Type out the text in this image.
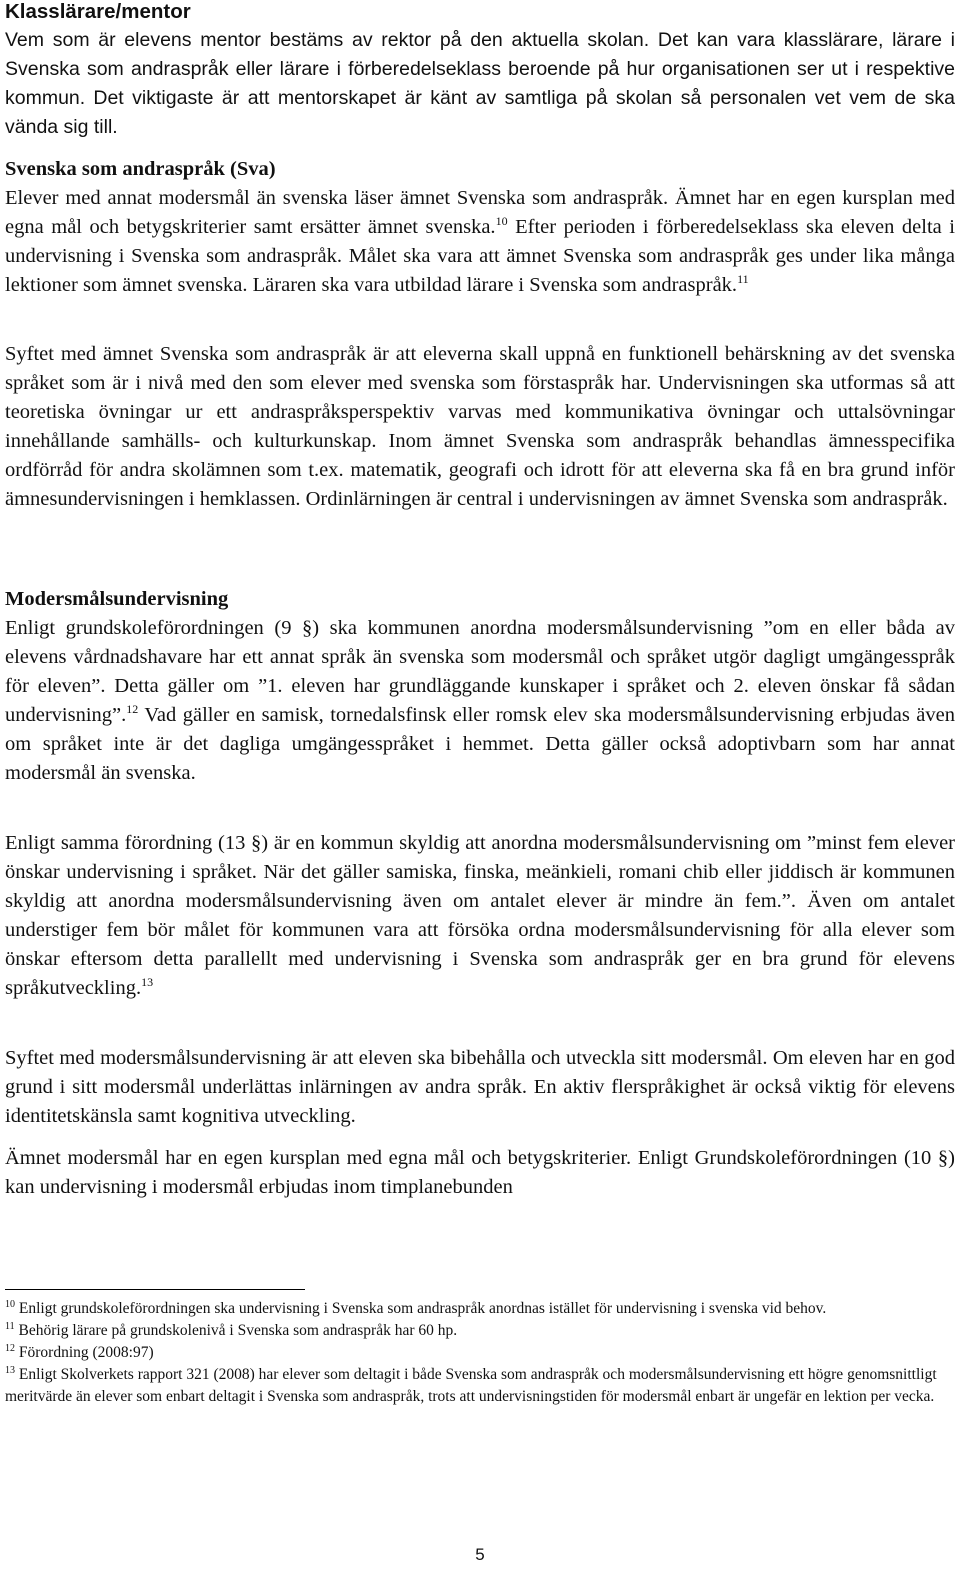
Klasslärare/mentor

Vem som är elevens mentor bestäms av rektor på den aktuella skolan. Det kan vara klasslärare, lärare i Svenska som andraspråk eller lärare i förberedelseklass beroende på hur organisationen ser ut i respektive kommun. Det viktigaste är att mentorskapet är känt av samtliga på skolan så personalen vet vem de ska vända sig till.

Svenska som andraspråk (Sva)
Elever med annat modersmål än svenska läser ämnet Svenska som andraspråk. Ämnet har en egen kursplan med egna mål och betygskriterier samt ersätter ämnet svenska.$^{10}$ Efter perioden i förberedelseklass ska eleven delta i undervisning i Svenska som andraspråk. Målet ska vara att ämnet Svenska som andraspråk ges under lika många lektioner som ämnet svenska. Läraren ska vara utbildad lärare i Svenska som andraspråk.$^{11}$

Syftet med ämnet Svenska som andraspråk är att eleverna skall uppnå en funktionell behärskning av det svenska språket som är i nivå med den som elever med svenska som förstaspråk har. Undervisningen ska utformas så att teoretiska övningar ur ett andraspråksperspektiv varvas med kommunikativa övningar och uttalsövningar innehållande samhälls- och kulturkunskap. Inom ämnet Svenska som andraspråk behandlas ämnesspecifika ordförråd för andra skolämnen som t.ex. matematik, geografi och idrott för att eleverna ska få en bra grund inför ämnesundervisningen i hemklassen. Ordinlärningen är central i undervisningen av ämnet Svenska som andraspråk.

Modersmålsundervisning
Enligt grundskoleförordningen (9 §) ska kommunen anordna modersmålsundervisning ”om en eller båda av elevens vårdnadshavare har ett annat språk än svenska som modersmål och språket utgör dagligt umgängesspråk för eleven”. Detta gäller om ”1. eleven har grundläggande kunskaper i språket och 2. eleven önskar få sådan undervisning”.$^{12}$ Vad gäller en samisk, tornedalsfinsk eller romsk elev ska modersmålsundervisning erbjudas även om språket inte är det dagliga umgängesspråket i hemmet. Detta gäller också adoptivbarn som har annat modersmål än svenska.

Enligt samma förordning (13 §) är en kommun skyldig att anordna modersmålsundervisning om ”minst fem elever önskar undervisning i språket. När det gäller samiska, finska, meänkieli, romani chib eller jiddisch är kommunen skyldig att anordna modersmålsundervisning även om antalet elever är mindre än fem.”. Även om antalet understiger fem bör målet för kommunen vara att försöka ordna modersmålsundervisning för alla elever som önskar eftersom detta parallellt med undervisning i Svenska som andraspråk ger en bra grund för elevens språkutveckling.$^{13}$

Syftet med modersmålsundervisning är att eleven ska bibehålla och utveckla sitt modersmål. Om eleven har en god grund i sitt modersmål underlättas inlärningen av andra språk. En aktiv flerspråkighet är också viktig för elevens identitetskänsla samt kognitiva utveckling.

Ämnet modersmål har en egen kursplan med egna mål och betygskriterier. Enligt Grundskoleförordningen (10 §) kan undervisning i modersmål erbjudas inom timplanebunden

$^{10}$ Enligt grundskoleförordningen ska undervisning i Svenska som andraspråk anordnas istället för undervisning i svenska vid behov.

$^{11}$ Behörig lärare på grundskolenivå i Svenska som andraspråk har 60 hp.

$^{12}$ Förordning (2008:97)

$^{13}$ Enligt Skolverkets rapport 321 (2008) har elever som deltagit i både Svenska som andraspråk och modersmålsundervisning ett högre genomsnittligt meritvärde än elever som enbart deltagit i Svenska som andraspråk, trots att undervisningstiden för modersmål enbart är ungefär en lektion per vecka.

5
